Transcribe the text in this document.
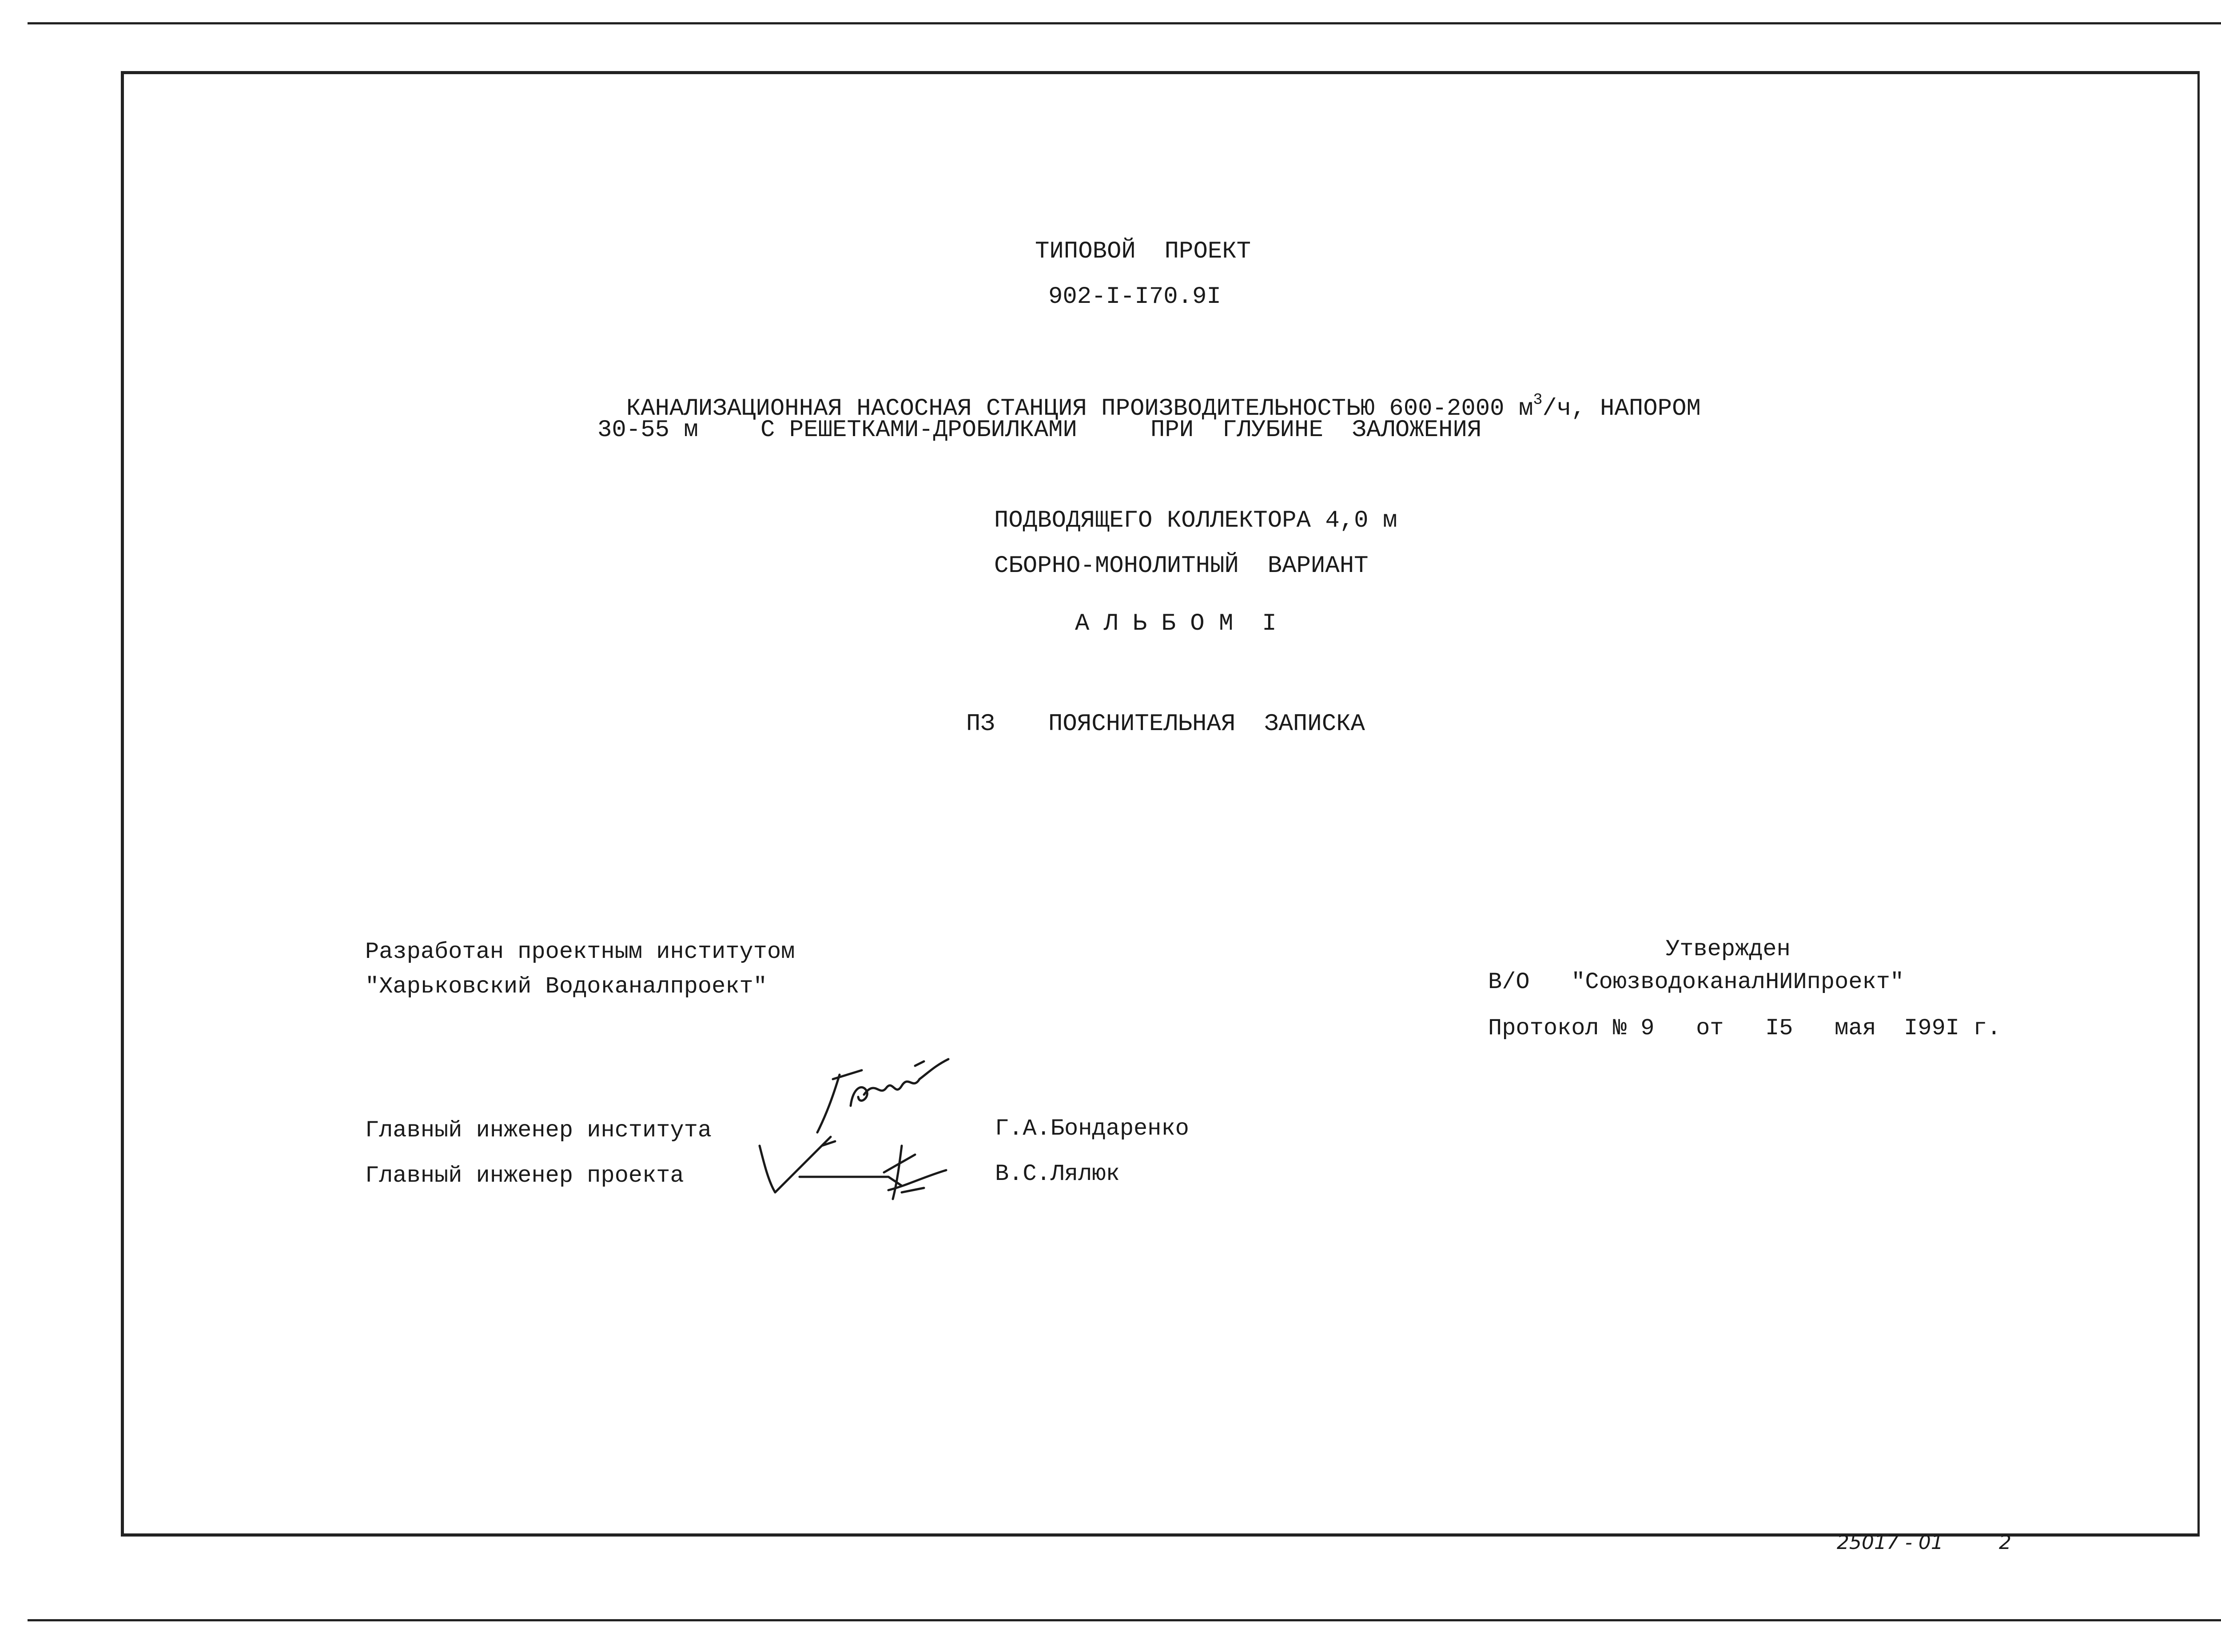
ТИПОВОЙ  ПРОЕКТ
902-I-I70.9I

КАНАЛИЗАЦИОННАЯ НАСОСНАЯ СТАНЦИЯ ПРОИЗВОДИТЕЛЬНОСТЬЮ 600-2000 $м^3/ч$, НАПОРОМ

30-55 м	С РЕШЕТКАМИ-ДРОБИЛКАМИ	ПРИ  ГЛУБИНЕ  ЗАЛОЖЕНИЯ
ПОДВОДЯЩЕГО КОЛЛЕКТОРА 4,0 м
СБОРНО-МОНОЛИТНЫЙ  ВАРИАНТ
А Л Ь Б О М  I
ПЗ ПОЯСНИТЕЛЬНАЯ  ЗАПИСКА
Разработан проектным институтом
"Харьковский Водоканалпроект"
Утвержден
В/О   "СоюзводоканалНИИпроект"
Протокол № 9   от   I5   мая  I99I г.
Главный инженер института	Г.А.Бондаренко
Главный инженер проекта	В.С.Лялюк
25017 - 01	2
